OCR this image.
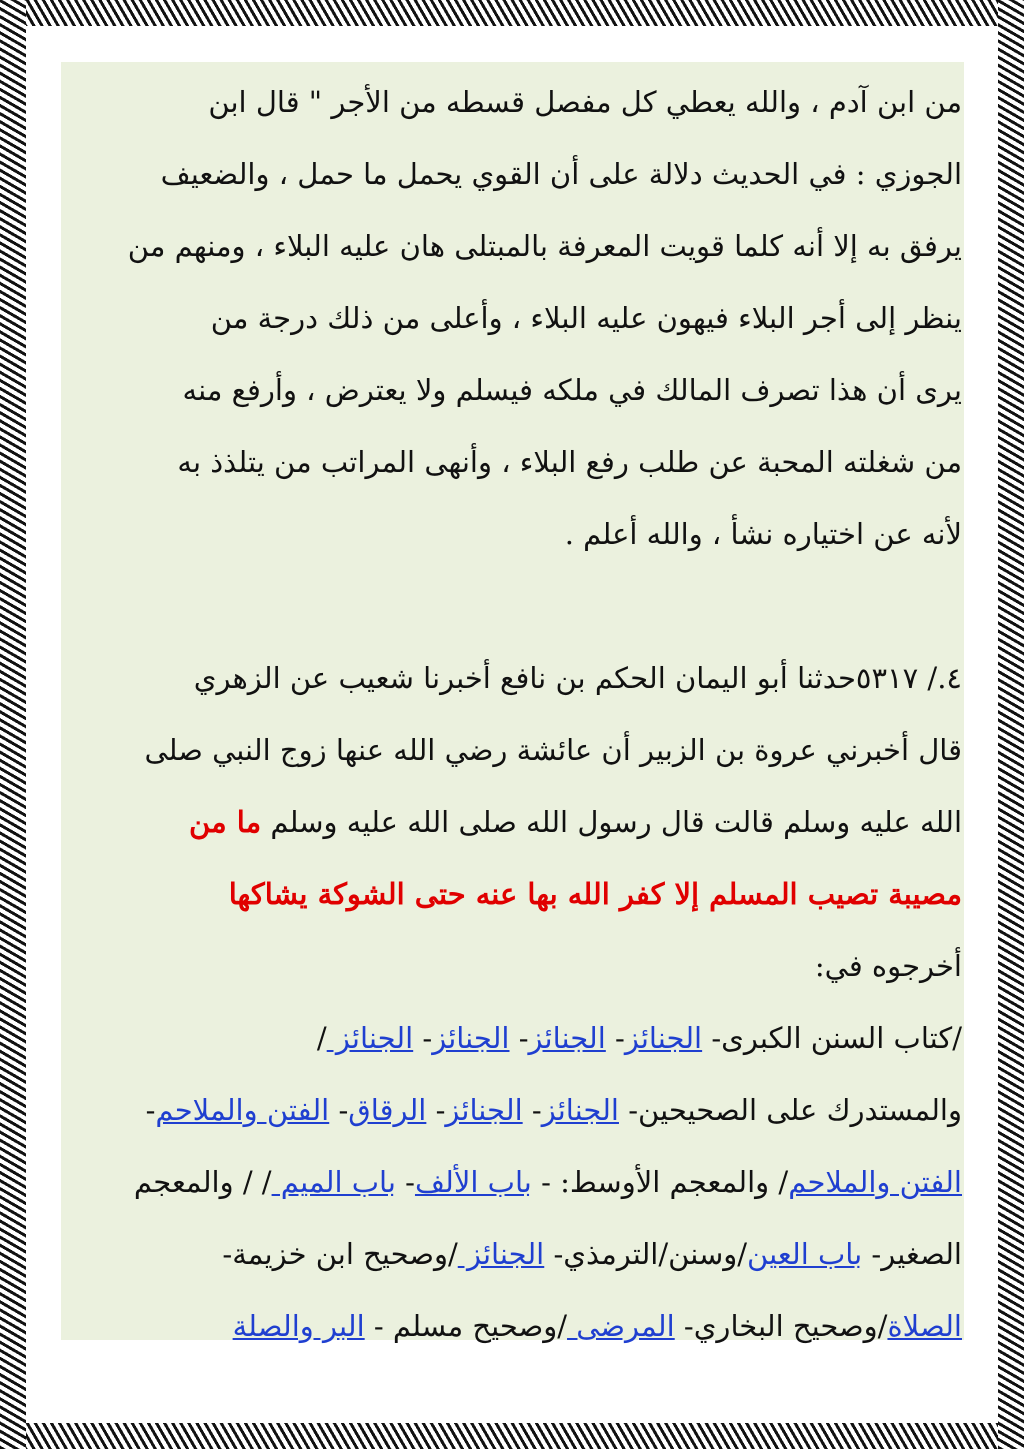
من ابن آدم ، والله يعطي كل مفصل قسطه من الأجر " قال ابن
الجوزي : في الحديث دلالة على أن القوي يحمل ما حمل ، والضعيف
يرفق به إلا أنه كلما قويت المعرفة بالمبتلى هان عليه البلاء ، ومنهم من
ينظر إلى أجر البلاء فيهون عليه البلاء ، وأعلى من ذلك درجة من
يرى أن هذا تصرف المالك في ملكه فيسلم ولا يعترض ، وأرفع منه
من شغلته المحبة عن طلب رفع البلاء ، وأنهى المراتب من يتلذذ به
لأنه عن اختياره نشأ ، والله أعلم .

٤./ ٥٣١٧حدثنا أبو اليمان الحكم بن نافع أخبرنا شعيب عن الزهري
قال أخبرني عروة بن الزبير أن عائشة رضي الله عنها زوج النبي صلى
الله عليه وسلم قالت قال رسول الله صلى الله عليه وسلم ما من
مصيبة تصيب المسلم إلا كفر الله بها عنه حتى الشوكة يشاكها

أخرجوه في:
/كتاب السنن الكبرى- الجنائز- الجنائز- الجنائز- الجنائز /
والمستدرك على الصحيحين- الجنائز- الجنائز- الرقاق- الفتن والملاحم-
الفتن والملاحم/ والمعجم الأوسط: - باب الألف- باب الميم / / والمعجم
الصغير- باب العين/وسنن/الترمذي- الجنائز /وصحيح ابن خزيمة-
الصلاة/وصحيح البخاري- المرضى /وصحيح مسلم - البر والصلة
